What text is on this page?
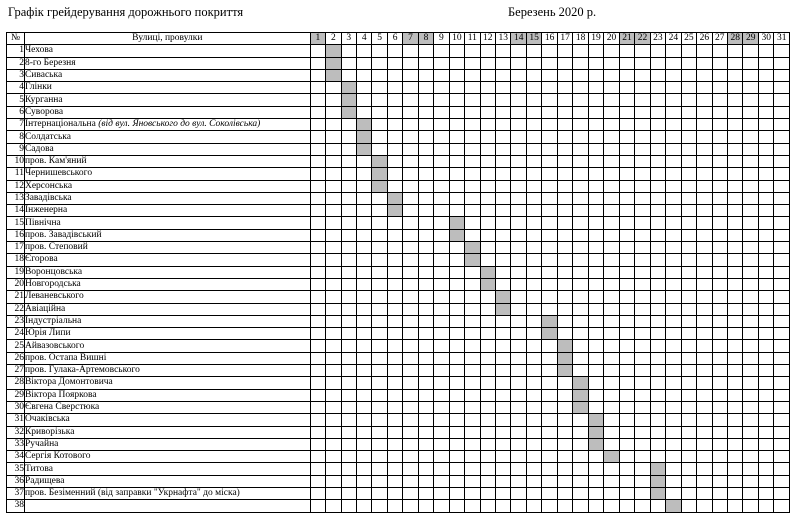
Графік грейдерування дорожнього покриття	Березень 2020 р.
№	Вулиці, провулки	1	2	3	4	5	6	7	8	9	10	11	12	13	14	15	16	17	18	19	20	21	22	23	24	25	26	27	28	29	30	31
1	Чехова																															
2	8-го Березня																															
3	Сиваська																															
4	Глінки																															
5	Курганна																															
6	Суворова																															
7	Інтернаціональна (від вул. Яновського до вул. Соколівська)																															
8	Солдатська																															
9	Садова																															
10	пров. Кам'яний																															
11	Чернишевського																															
12	Херсонська																															
13	Завадівська																															
14	Інженерна																															
15	Північна																															
16	пров. Завадівський																															
17	пров. Степовий																															
18	Єгорова																															
19	Воронцовська																															
20	Новгородська																															
21	Леваневського																															
22	Авіаційна																															
23	Індустріальна																															
24	Юрія Липи																															
25	Айвазовського																															
26	пров. Остапа Вишні																															
27	пров. Гулака-Артемовського																															
28	Віктора Домонтовича																															
29	Віктора Пояркова																															
30	Євгена Сверстюка																															
31	Очаківська																															
32	Криворізька																															
33	Ручайна																															
34	Сергія Котового																															
35	Титова																															
36	Радищева																															
37	пров. Безіменний (від заправки "Укрнафта" до міска)																															
38																																
